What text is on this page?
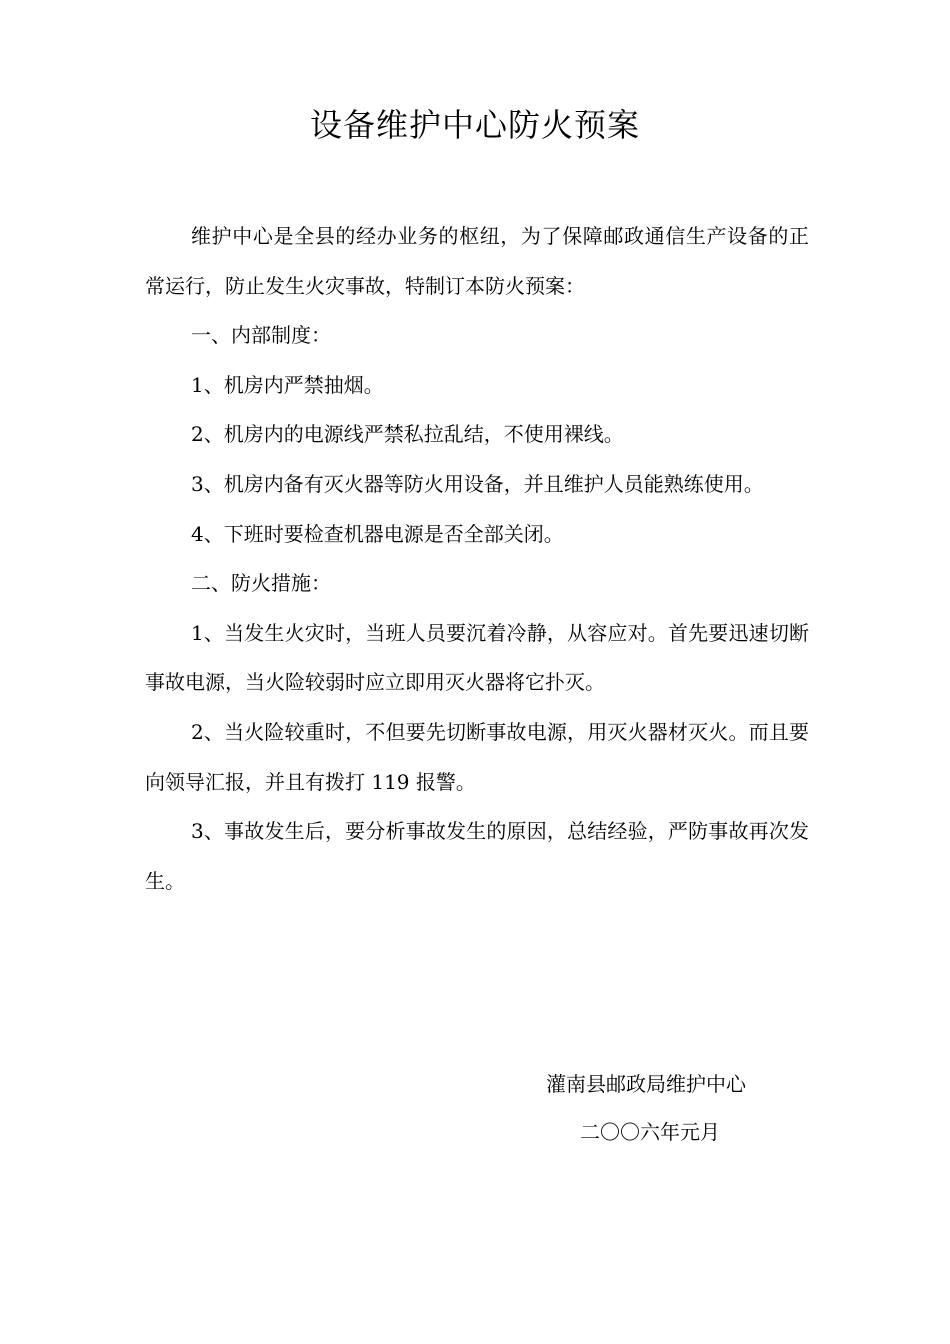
设备维护中心防火预案

维护中心是全县的经办业务的枢纽，为了保障邮政通信生产设备的正常运行，防止发生火灾事故，特制订本防火预案：

一、内部制度：

1、机房内严禁抽烟。

2、机房内的电源线严禁私拉乱结，不使用裸线。

3、机房内备有灭火器等防火用设备，并且维护人员能熟练使用。

4、下班时要检查机器电源是否全部关闭。

二、防火措施：

1、当发生火灾时，当班人员要沉着冷静，从容应对。首先要迅速切断事故电源，当火险较弱时应立即用灭火器将它扑灭。

2、当火险较重时，不但要先切断事故电源，用灭火器材灭火。而且要向领导汇报，并且有拨打 119 报警。

3、事故发生后，要分析事故发生的原因，总结经验，严防事故再次发生。

灌南县邮政局维护中心
二〇〇六年元月
